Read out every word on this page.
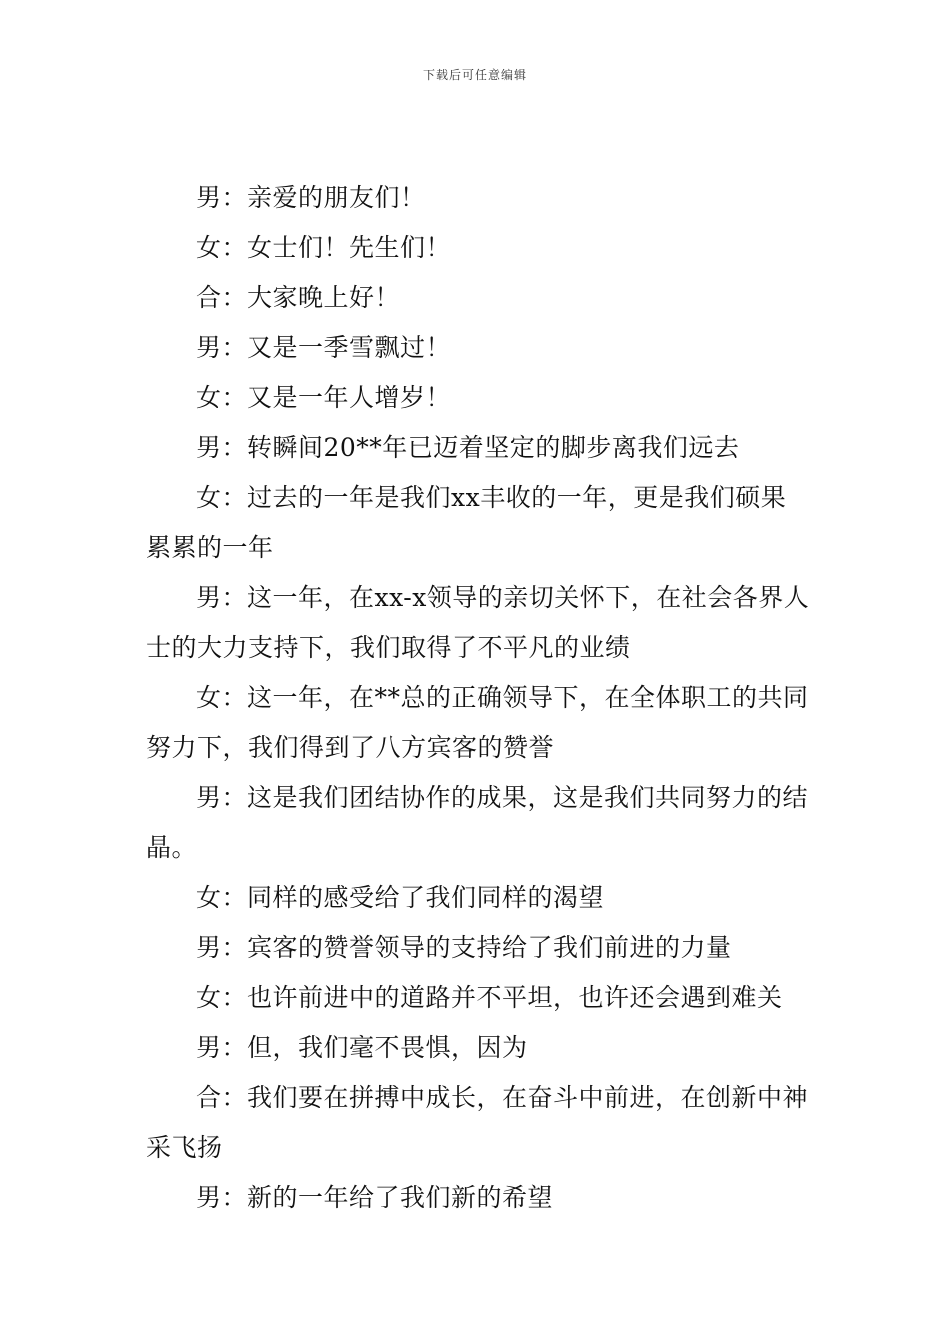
下载后可任意编辑

男：亲爱的朋友们！

女：女士们！先生们！

合：大家晚上好！

男：又是一季雪飘过！

女：又是一年人增岁！

男：转瞬间20**年已迈着坚定的脚步离我们远去

女：过去的一年是我们xx丰收的一年，更是我们硕果累累的一年

男：这一年，在xx-x领导的亲切关怀下，在社会各界人士的大力支持下，我们取得了不平凡的业绩

女：这一年，在**总的正确领导下，在全体职工的共同努力下，我们得到了八方宾客的赞誉

男：这是我们团结协作的成果，这是我们共同努力的结晶。

女：同样的感受给了我们同样的渴望

男：宾客的赞誉领导的支持给了我们前进的力量

女：也许前进中的道路并不平坦，也许还会遇到难关

男：但，我们毫不畏惧，因为

合：我们要在拼搏中成长，在奋斗中前进，在创新中神采飞扬

男：新的一年给了我们新的希望
